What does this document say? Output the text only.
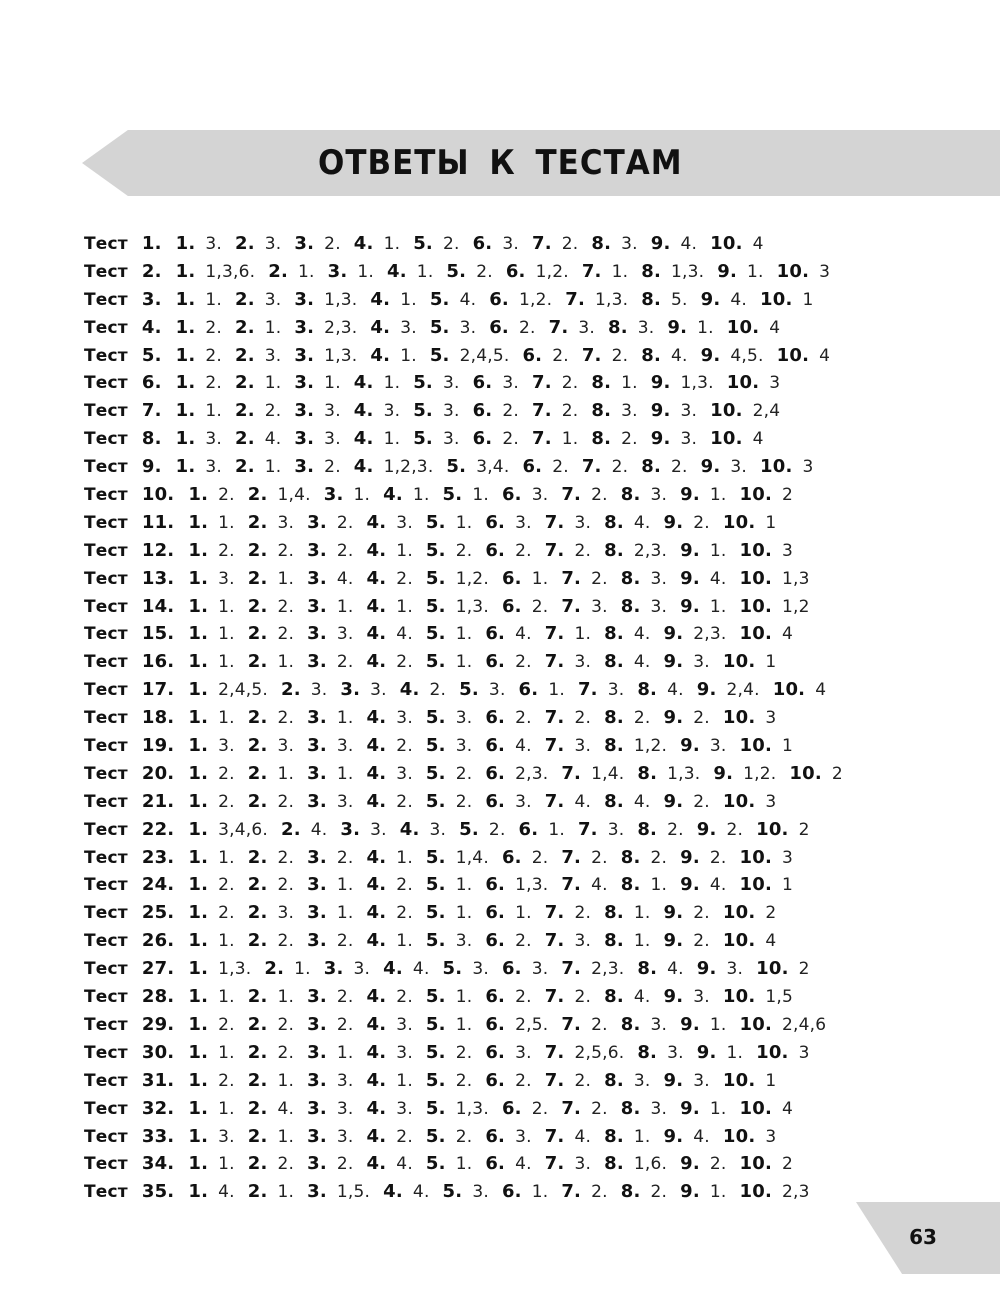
ОТВЕТЫ К ТЕСТАМ
Тест 1. 1. 3. 2. 3. 3. 2. 4. 1. 5. 2. 6. 3. 7. 2. 8. 3. 9. 4. 10. 4
Тест 2. 1. 1,3,6. 2. 1. 3. 1. 4. 1. 5. 2. 6. 1,2. 7. 1. 8. 1,3. 9. 1. 10. 3
Тест 3. 1. 1. 2. 3. 3. 1,3. 4. 1. 5. 4. 6. 1,2. 7. 1,3. 8. 5. 9. 4. 10. 1
Тест 4. 1. 2. 2. 1. 3. 2,3. 4. 3. 5. 3. 6. 2. 7. 3. 8. 3. 9. 1. 10. 4
Тест 5. 1. 2. 2. 3. 3. 1,3. 4. 1. 5. 2,4,5. 6. 2. 7. 2. 8. 4. 9. 4,5. 10. 4
Тест 6. 1. 2. 2. 1. 3. 1. 4. 1. 5. 3. 6. 3. 7. 2. 8. 1. 9. 1,3. 10. 3
Тест 7. 1. 1. 2. 2. 3. 3. 4. 3. 5. 3. 6. 2. 7. 2. 8. 3. 9. 3. 10. 2,4
Тест 8. 1. 3. 2. 4. 3. 3. 4. 1. 5. 3. 6. 2. 7. 1. 8. 2. 9. 3. 10. 4
Тест 9. 1. 3. 2. 1. 3. 2. 4. 1,2,3. 5. 3,4. 6. 2. 7. 2. 8. 2. 9. 3. 10. 3
Тест 10. 1. 2. 2. 1,4. 3. 1. 4. 1. 5. 1. 6. 3. 7. 2. 8. 3. 9. 1. 10. 2
Тест 11. 1. 1. 2. 3. 3. 2. 4. 3. 5. 1. 6. 3. 7. 3. 8. 4. 9. 2. 10. 1
Тест 12. 1. 2. 2. 2. 3. 2. 4. 1. 5. 2. 6. 2. 7. 2. 8. 2,3. 9. 1. 10. 3
Тест 13. 1. 3. 2. 1. 3. 4. 4. 2. 5. 1,2. 6. 1. 7. 2. 8. 3. 9. 4. 10. 1,3
Тест 14. 1. 1. 2. 2. 3. 1. 4. 1. 5. 1,3. 6. 2. 7. 3. 8. 3. 9. 1. 10. 1,2
Тест 15. 1. 1. 2. 2. 3. 3. 4. 4. 5. 1. 6. 4. 7. 1. 8. 4. 9. 2,3. 10. 4
Тест 16. 1. 1. 2. 1. 3. 2. 4. 2. 5. 1. 6. 2. 7. 3. 8. 4. 9. 3. 10. 1
Тест 17. 1. 2,4,5. 2. 3. 3. 3. 4. 2. 5. 3. 6. 1. 7. 3. 8. 4. 9. 2,4. 10. 4
Тест 18. 1. 1. 2. 2. 3. 1. 4. 3. 5. 3. 6. 2. 7. 2. 8. 2. 9. 2. 10. 3
Тест 19. 1. 3. 2. 3. 3. 3. 4. 2. 5. 3. 6. 4. 7. 3. 8. 1,2. 9. 3. 10. 1
Тест 20. 1. 2. 2. 1. 3. 1. 4. 3. 5. 2. 6. 2,3. 7. 1,4. 8. 1,3. 9. 1,2. 10. 2
Тест 21. 1. 2. 2. 2. 3. 3. 4. 2. 5. 2. 6. 3. 7. 4. 8. 4. 9. 2. 10. 3
Тест 22. 1. 3,4,6. 2. 4. 3. 3. 4. 3. 5. 2. 6. 1. 7. 3. 8. 2. 9. 2. 10. 2
Тест 23. 1. 1. 2. 2. 3. 2. 4. 1. 5. 1,4. 6. 2. 7. 2. 8. 2. 9. 2. 10. 3
Тест 24. 1. 2. 2. 2. 3. 1. 4. 2. 5. 1. 6. 1,3. 7. 4. 8. 1. 9. 4. 10. 1
Тест 25. 1. 2. 2. 3. 3. 1. 4. 2. 5. 1. 6. 1. 7. 2. 8. 1. 9. 2. 10. 2
Тест 26. 1. 1. 2. 2. 3. 2. 4. 1. 5. 3. 6. 2. 7. 3. 8. 1. 9. 2. 10. 4
Тест 27. 1. 1,3. 2. 1. 3. 3. 4. 4. 5. 3. 6. 3. 7. 2,3. 8. 4. 9. 3. 10. 2
Тест 28. 1. 1. 2. 1. 3. 2. 4. 2. 5. 1. 6. 2. 7. 2. 8. 4. 9. 3. 10. 1,5
Тест 29. 1. 2. 2. 2. 3. 2. 4. 3. 5. 1. 6. 2,5. 7. 2. 8. 3. 9. 1. 10. 2,4,6
Тест 30. 1. 1. 2. 2. 3. 1. 4. 3. 5. 2. 6. 3. 7. 2,5,6. 8. 3. 9. 1. 10. 3
Тест 31. 1. 2. 2. 1. 3. 3. 4. 1. 5. 2. 6. 2. 7. 2. 8. 3. 9. 3. 10. 1
Тест 32. 1. 1. 2. 4. 3. 3. 4. 3. 5. 1,3. 6. 2. 7. 2. 8. 3. 9. 1. 10. 4
Тест 33. 1. 3. 2. 1. 3. 3. 4. 2. 5. 2. 6. 3. 7. 4. 8. 1. 9. 4. 10. 3
Тест 34. 1. 1. 2. 2. 3. 2. 4. 4. 5. 1. 6. 4. 7. 3. 8. 1,6. 9. 2. 10. 2
Тест 35. 1. 4. 2. 1. 3. 1,5. 4. 4. 5. 3. 6. 1. 7. 2. 8. 2. 9. 1. 10. 2,3
63
